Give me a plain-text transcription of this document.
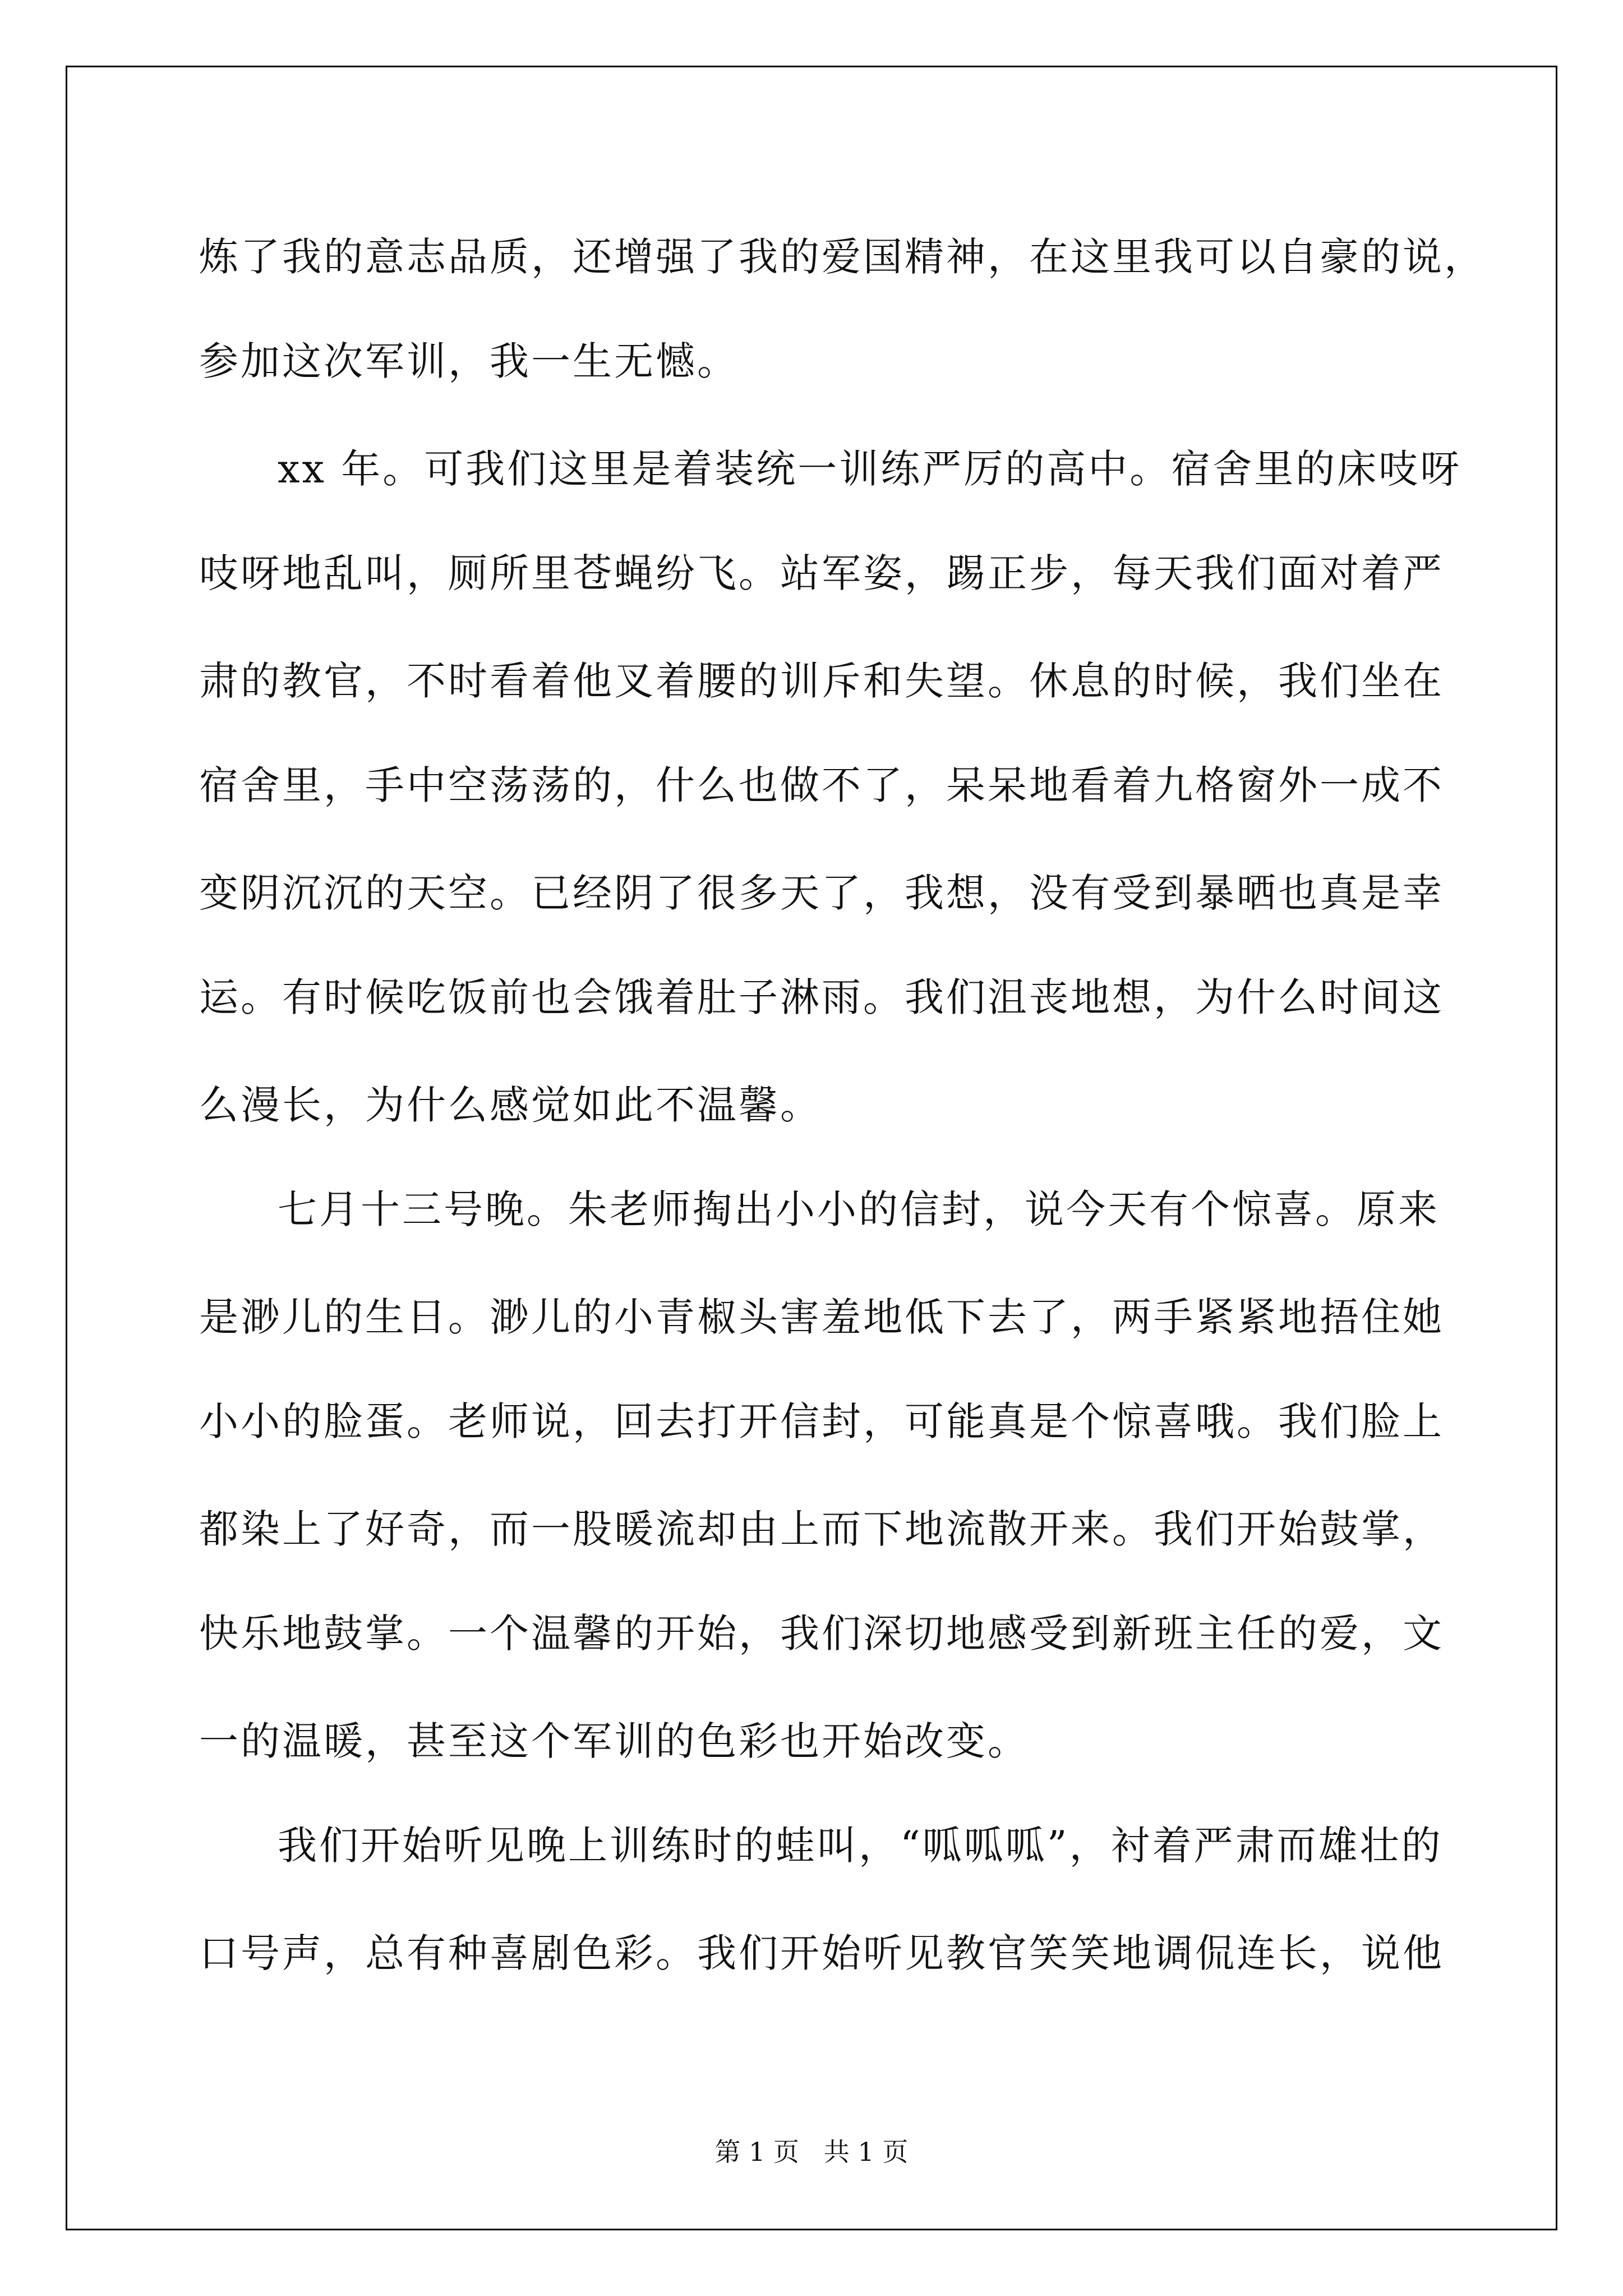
炼了我的意志品质，还增强了我的爱国精神，在这里我可以自豪的说，

参加这次军训，我一生无憾。

xx 年。可我们这里是着装统一训练严厉的高中。宿舍里的床吱呀

吱呀地乱叫，厕所里苍蝇纷飞。站军姿，踢正步，每天我们面对着严

肃的教官，不时看着他叉着腰的训斥和失望。休息的时候，我们坐在

宿舍里，手中空荡荡的，什么也做不了，呆呆地看着九格窗外一成不

变阴沉沉的天空。已经阴了很多天了，我想，没有受到暴晒也真是幸

运。有时候吃饭前也会饿着肚子淋雨。我们沮丧地想，为什么时间这

么漫长，为什么感觉如此不温馨。

七月十三号晚。朱老师掏出小小的信封，说今天有个惊喜。原来

是渺儿的生日。渺儿的小青椒头害羞地低下去了，两手紧紧地捂住她

小小的脸蛋。老师说，回去打开信封，可能真是个惊喜哦。我们脸上

都染上了好奇，而一股暖流却由上而下地流散开来。我们开始鼓掌，

快乐地鼓掌。一个温馨的开始，我们深切地感受到新班主任的爱，文

一的温暖，甚至这个军训的色彩也开始改变。

我们开始听见晚上训练时的蛙叫，“呱呱呱”，衬着严肃而雄壮的

口号声，总有种喜剧色彩。我们开始听见教官笑笑地调侃连长，说他

第 1 页   共 1 页
